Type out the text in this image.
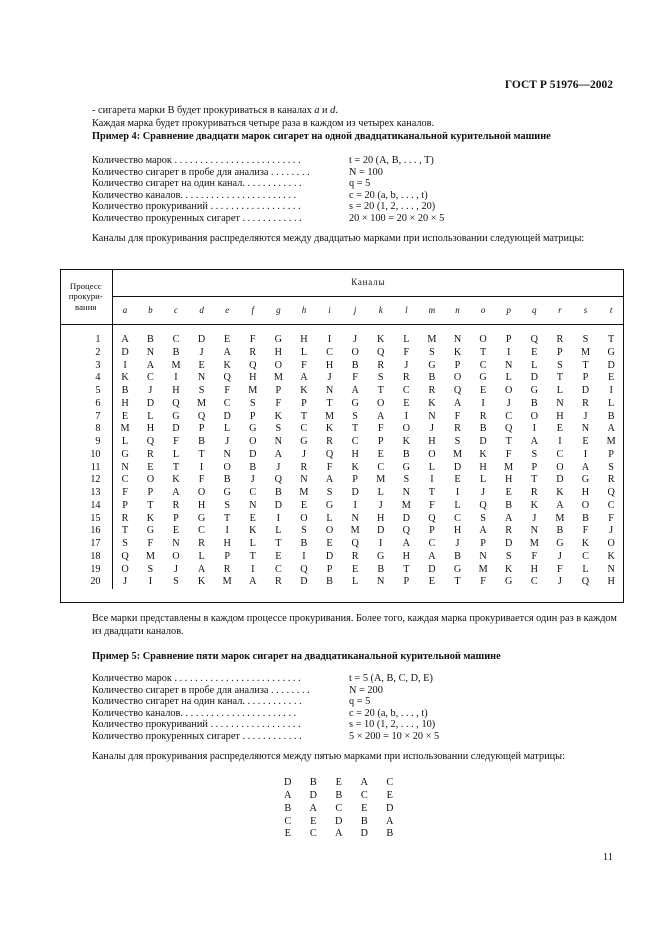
ГОСТ Р 51976—2002
- сигарета марки В будет прокуриваться в каналах a и d.
Каждая марка будет прокуриваться четыре раза в каждом из четырех каналов.
Пример 4: Сравнение двадцати марок сигарет на одной двадцатиканальной курительной машине
Количество марок . . . . . . . . . . . . . . . . . . . . . . . . .	t = 20 (A, B, . . . , T)
Количество сигарет в пробе для анализа . . . . . . . .	N = 100
Количество сигарет на один канал. . . . . . . . . . . .	q = 5
Количество каналов. . . . . . . . . . . . . . . . . . . . . . .	c = 20 (a, b, . . . , t)
Количество прокуриваний . . . . . . . . . . . . . . . . . .	s = 20 (1, 2, . . . , 20)
Количество прокуренных сигарет . . . . . . . . . . . .	20 × 100 = 20 × 20 × 5
Каналы для прокуривания распределяются между двадцатью марками при использовании следующей матрицы:
Процесс
прокури-
вания	Каналы																			
	a	b	c	d	e	f	g	h	i	j	k	l	m	n	o	p	q	r	s	t

1	A	B	C	D	E	F	G	H	I	J	K	L	M	N	O	P	Q	R	S	T
2	D	N	B	J	A	R	H	L	C	O	Q	F	S	K	T	I	E	P	M	G
3	I	A	M	E	K	Q	O	F	H	B	R	J	G	P	C	N	L	S	T	D
4	K	C	I	N	Q	H	M	A	J	F	S	R	B	O	G	L	D	T	P	E
5	B	J	H	S	F	M	P	K	N	A	T	C	R	Q	E	O	G	L	D	I
6	H	D	Q	M	C	S	F	P	T	G	O	E	K	A	I	J	B	N	R	L
7	E	L	G	Q	D	P	K	T	M	S	A	I	N	F	R	C	O	H	J	B
8	M	H	D	P	L	G	S	C	K	T	F	O	J	R	B	Q	I	E	N	A
9	L	Q	F	B	J	O	N	G	R	C	P	K	H	S	D	T	A	I	E	M
10	G	R	L	T	N	D	A	J	Q	H	E	B	O	M	K	F	S	C	I	P
11	N	E	T	I	O	B	J	R	F	K	C	G	L	D	H	M	P	O	A	S
12	C	O	K	F	B	J	Q	N	A	P	M	S	I	E	L	H	T	D	G	R
13	F	P	A	O	G	C	B	M	S	D	L	N	T	I	J	E	R	K	H	Q
14	P	T	R	H	S	N	D	E	G	I	J	M	F	L	Q	B	K	A	O	C
15	R	K	P	G	T	E	I	O	L	N	H	D	Q	C	S	A	J	M	B	F
16	T	G	E	C	I	K	L	S	O	M	D	Q	P	H	A	R	N	B	F	J
17	S	F	N	R	H	L	T	B	E	Q	I	A	C	J	P	D	M	G	K	O
18	Q	M	O	L	P	T	E	I	D	R	G	H	A	B	N	S	F	J	C	K
19	O	S	J	A	R	I	C	Q	P	E	B	T	D	G	M	K	H	F	L	N
20	J	I	S	K	M	A	R	D	B	L	N	P	E	T	F	G	C	J	Q	H
Все марки представлены в каждом процессе прокуривания. Более того, каждая марка прокуривается один раз в каждом из двадцати каналов.
Пример 5: Сравнение пяти марок сигарет на двадцатиканальной курительной машине
Количество марок . . . . . . . . . . . . . . . . . . . . . . . . .	t = 5 (A, B, C, D, E)
Количество сигарет в пробе для анализа . . . . . . . .	N = 200
Количество сигарет на один канал. . . . . . . . . . . .	q = 5
Количество каналов. . . . . . . . . . . . . . . . . . . . . . .	c = 20 (a, b, . . . , t)
Количество прокуриваний . . . . . . . . . . . . . . . . . .	s = 10 (1, 2, . . . , 10)
Количество прокуренных сигарет . . . . . . . . . . . .	5 × 200 = 10 × 20 × 5
Каналы для прокуривания распределяются между пятью марками при использовании следующей матрицы:
D	B	E	A	C
A	D	B	C	E
B	A	C	E	D
C	E	D	B	A
E	C	A	D	B
11
